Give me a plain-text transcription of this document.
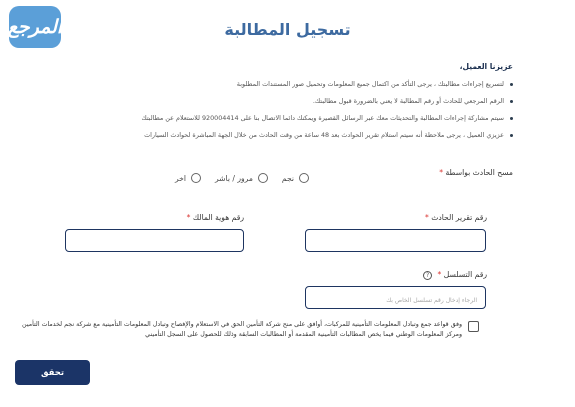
المرجع	تسجيل المطالبة
عزيزنا العميل،
لتسريع إجراءات مطالبتك ، يرجى التأكد من اكتمال جميع المعلومات وتحميل صور المستندات المطلوبة
الرقم المرجعي للحادث أو رقم المطالبة لا يعني بالضرورة قبول مطالبتك.
سيتم مشاركة إجراءات المطالبة والتحديثات معك عبر الرسائل القصيرة ويمكنك دائما الاتصال بنا على 920004414 للاستعلام عن مطالبتك
عزيزي العميل ، يرجى ملاحظة أنه سيتم استلام تقرير الحوادث بعد 48 ساعة من وقت الحادث من خلال الجهة المباشرة لحوادث السيارات
مسح الحادث بواسطة *
نجم
مرور / باشر
اخر
رقم تقرير الحادث *
رقم هوية المالك *
رقم التسلسل * ?
الرجاء إدخال رقم تسلسل الخاص بك
وفق قواعد جمع وتبادل المعلومات التأمينية للمركبات، أوافق على منح شركة التأمين الحق في الاستعلام والإفصاح وتبادل المعلومات التأمينية مع شركة نجم لخدمات التأمين ومركز المعلومات الوطني فيما يخص المطالبات التأمينية المقدمة أو المطالبات السابقة وذلك للحصول على السجل التأميني
تحقق
